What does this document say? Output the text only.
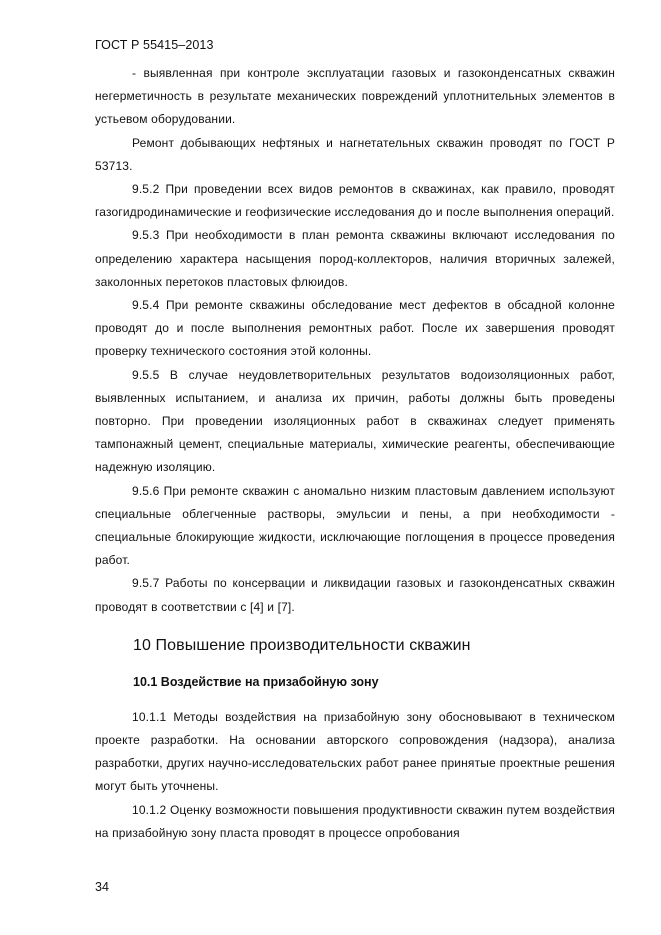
ГОСТ Р 55415–2013

- выявленная при контроле эксплуатации газовых и газоконденсатных скважин негерметичность в результате механических повреждений уплотнительных элементов в устьевом оборудовании.

Ремонт добывающих нефтяных и нагнетательных скважин проводят по ГОСТ Р 53713.

9.5.2 При проведении всех видов ремонтов в скважинах, как правило, проводят газогидродинамические и геофизические исследования до и после выполнения операций.

9.5.3 При необходимости в план ремонта скважины включают исследования по определению характера насыщения пород-коллекторов, наличия вторичных залежей, заколонных перетоков пластовых флюидов.

9.5.4 При ремонте скважины обследование мест дефектов в обсадной колонне проводят до и после выполнения ремонтных работ. После их завершения проводят проверку технического состояния этой колонны.

9.5.5 В случае неудовлетворительных результатов водоизоляционных работ, выявленных испытанием, и анализа их причин, работы должны быть проведены повторно. При проведении изоляционных работ в скважинах следует применять тампонажный цемент, специальные материалы, химические реагенты, обеспечивающие надежную изоляцию.

9.5.6 При ремонте скважин с аномально низким пластовым давлением используют специальные облегченные растворы, эмульсии и пены, а при необходимости - специальные блокирующие жидкости, исключающие поглощения в процессе проведения работ.

9.5.7 Работы по консервации и ликвидации газовых и газоконденсатных скважин проводят в соответствии с [4] и [7].

10 Повышение производительности скважин
10.1 Воздействие на призабойную зону

10.1.1 Методы воздействия на призабойную зону обосновывают в техническом проекте разработки. На основании авторского сопровождения (надзора), анализа разработки, других научно-исследовательских работ ранее принятые проектные решения могут быть уточнены.

10.1.2 Оценку возможности повышения продуктивности скважин путем воздействия на призабойную зону пласта проводят в процессе опробования

34
